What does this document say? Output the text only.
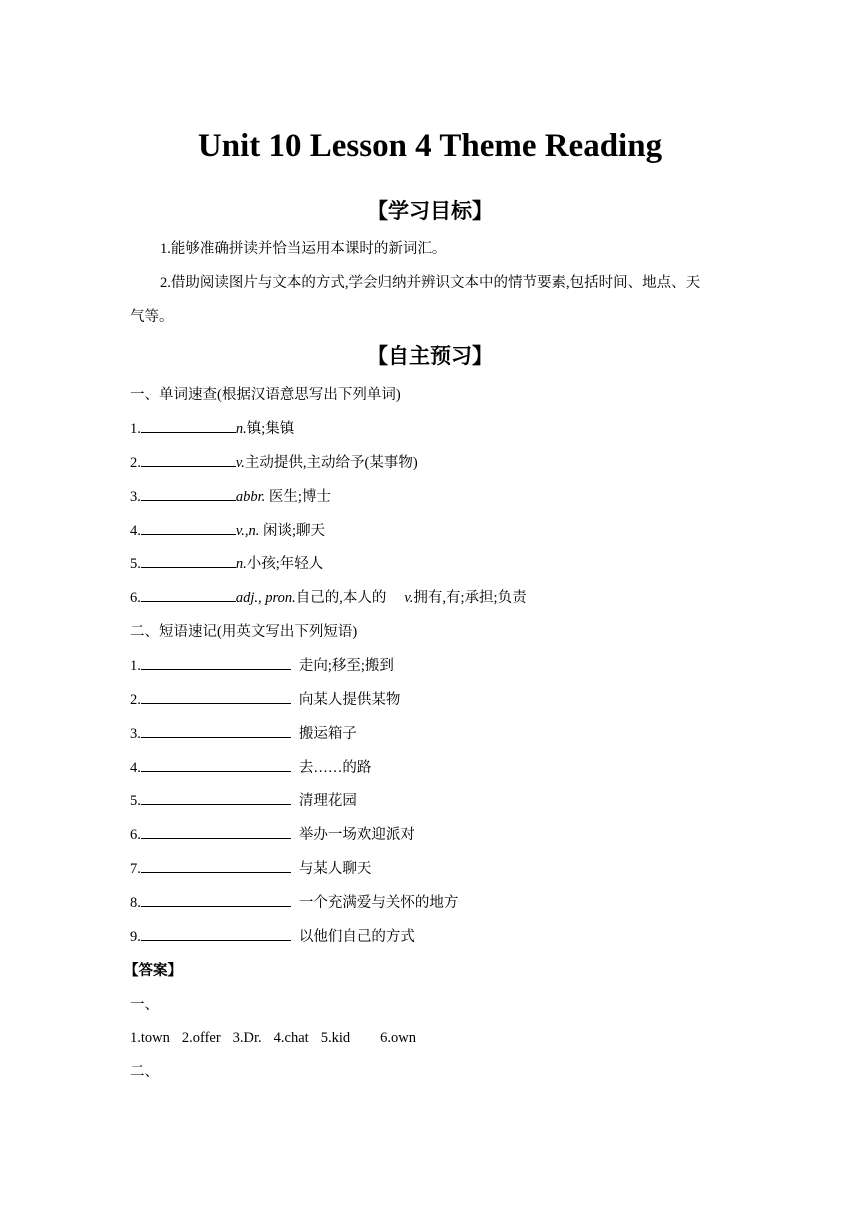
Unit 10 Lesson 4 Theme Reading
【学习目标】
1.能够准确拼读并恰当运用本课时的新词汇。
2.借助阅读图片与文本的方式,学会归纳并辨识文本中的情节要素,包括时间、地点、天
气等。
【自主预习】
一、单词速查(根据汉语意思写出下列单词)
1.	n.镇;集镇
2.	v.主动提供,主动给予(某事物)
3.	abbr. 医生;博士
4.	v.,n. 闲谈;聊天
5.	n.小孩;年轻人
6.	adj., pron.自己的,本人的 v.拥有,有;承担;负责
二、短语速记(用英文写出下列短语)
1.	走向;移至;搬到
2.	向某人提供某物
3.	搬运箱子
4.	去……的路
5.	清理花园
6.	举办一场欢迎派对
7.	与某人聊天
8.	一个充满爱与关怀的地方
9.	以他们自己的方式
【答案】
一、
1.town 2.offer 3.Dr. 4.chat 5.kid 6.own
二、
